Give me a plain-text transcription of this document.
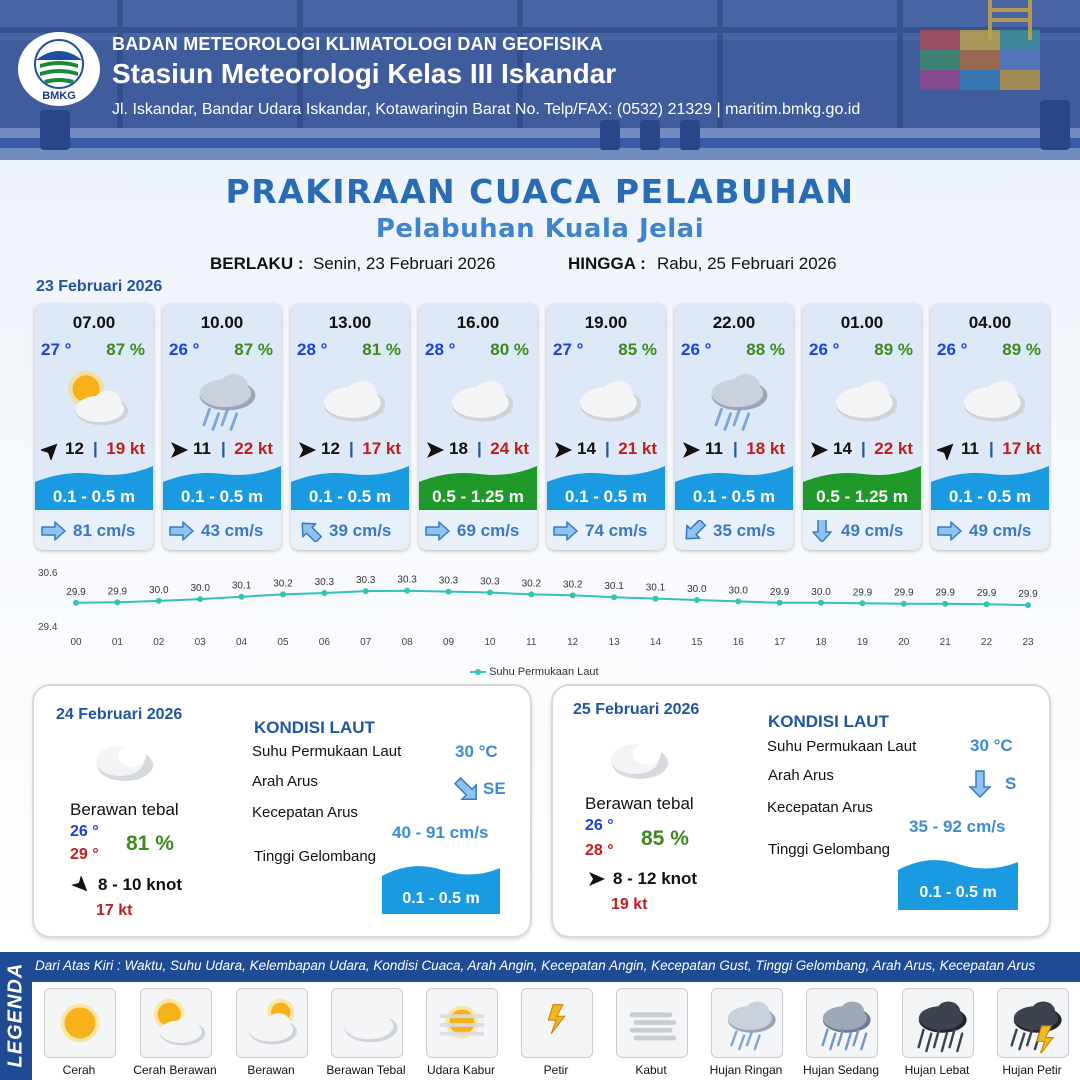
BMKG
BADAN METEOROLOGI KLIMATOLOGI DAN GEOFISIKA
Stasiun Meteorologi Kelas III Iskandar
Jl. Iskandar, Bandar Udara Iskandar, Kotawaringin Barat No. Telp/FAX: (0532) 21329 | maritim.bmkg.go.id
PRAKIRAAN CUACA PELABUHAN
Pelabuhan Kuala Jelai
BERLAKU : Senin, 23 Februari 2026	HINGGA : Rabu, 25 Februari 2026
23 Februari 2026
07.00
27 ° 87 %
12 | 19 kt
0.1 - 0.5 m
81 cm/s
10.00
26 ° 87 %
11 | 22 kt
0.1 - 0.5 m
43 cm/s
13.00
28 ° 81 %
12 | 17 kt
0.1 - 0.5 m
39 cm/s
16.00
28 ° 80 %
18 | 24 kt
0.5 - 1.25 m
69 cm/s
19.00
27 ° 85 %
14 | 21 kt
0.1 - 0.5 m
74 cm/s
22.00
26 ° 88 %
11 | 18 kt
0.1 - 0.5 m
35 cm/s
01.00
26 ° 89 %
14 | 22 kt
0.5 - 1.25 m
49 cm/s
04.00
26 ° 89 %
11 | 17 kt
0.1 - 0.5 m
49 cm/s
30.6
29.4
29.9
00
29.9
01
30.0
02
30.0
03
30.1
04
30.2
05
30.3
06
30.3
07
30.3
08
30.3
09
30.3
10
30.2
11
30.2
12
30.1
13
30.1
14
30.0
15
30.0
16
29.9
17
30.0
18
29.9
19
29.9
20
29.9
21
29.9
22
29.9
23
Suhu Permukaan Laut
24 Februari 2026
Berawan tebal
26 °
29 ° 81 %
8 - 10 knot
17 kt
KONDISI LAUT
Suhu Permukaan Laut	30 °C
Arah Arus	SE
Kecepatan Arus
40 - 91 cm/s
Tinggi Gelombang
0.1 - 0.5 m
25 Februari 2026
Berawan tebal
26 °
28 °
85 %
8 - 12 knot
19 kt
KONDISI LAUT
Suhu Permukaan Laut	30 °C
Arah Arus	S
Kecepatan Arus
35 - 92 cm/s
Tinggi Gelombang
0.1 - 0.5 m
LEGENDA Dari Atas Kiri : Waktu, Suhu Udara, Kelembapan Udara, Kondisi Cuaca, Arah Angin, Kecepatan Angin, Kecepatan Gust, Tinggi Gelombang, Arah Arus, Kecepatan Arus
Cerah	Cerah Berawan	Berawan	Berawan Tebal	Udara Kabur	Petir	Kabut	Hujan Ringan	Hujan Sedang	Hujan Lebat	Hujan Petir
